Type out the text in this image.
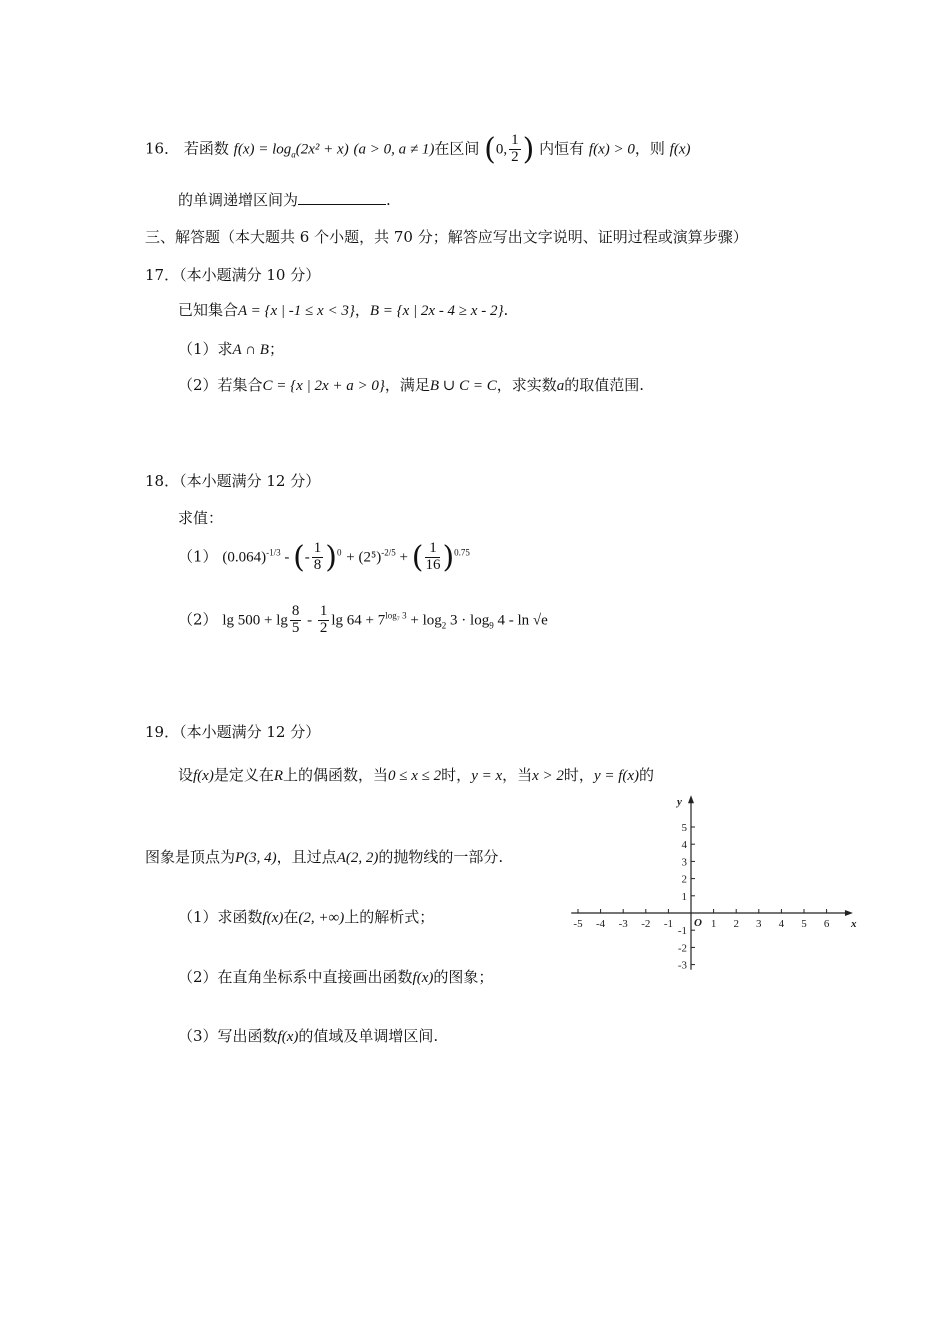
16． 若函数 $f(x) = \log_a(2x^2 + x) (a > 0$, a ≠ 1)在区间 (0, $\frac{1}{2}$ ) 内恒有 f(x) > 0，则 f(x)
的单调递增区间为	.
三、解答题（本大题共 6 个小题，共 70 分；解答应写出文字说明、证明过程或演算步骤）
17．（本小题满分 10 分）
已知集合A = {x | -1 ≤ x < 3}，B = {x | 2x - 4 ≥ x - 2}.
（1）求A ∩ B；
（2）若集合C = {x | 2x + a > 0}，满足B ∪ C = C，求实数a的取值范围.
18．（本小题满分 12 分）
求值：
（1） $(0.064)^{-1/3}$ - (- $\frac{1}{8} )^0 + (2^5)^{-2/5}$ + ( $\frac{1}{16} )^{0.75}$
（2） $\lg 500 + \lg \frac{8}{5} - \frac{1}{2}$ $\lg 64 + 7^{log_7 3} + \log_2 3 \cdot \log_9 4 - \ln √e$
19．（本小题满分 12 分）
设f(x)是定义在R上的偶函数，当0 ≤ x ≤ 2时，y = x，当x > 2时，y = f(x)的
图象是顶点为P(3, 4)，且过点A(2, 2)的抛物线的一部分.
（1）求函数f(x)在(2, +∞)上的解析式；
（2）在直角坐标系中直接画出函数f(x)的图象；
（3）写出函数f(x)的值域及单调增区间.
-5 -4 -3 -2 -1	1 2 3 4 5 6
-3
-2
-1
1
2
3
4
5
x
y
O
